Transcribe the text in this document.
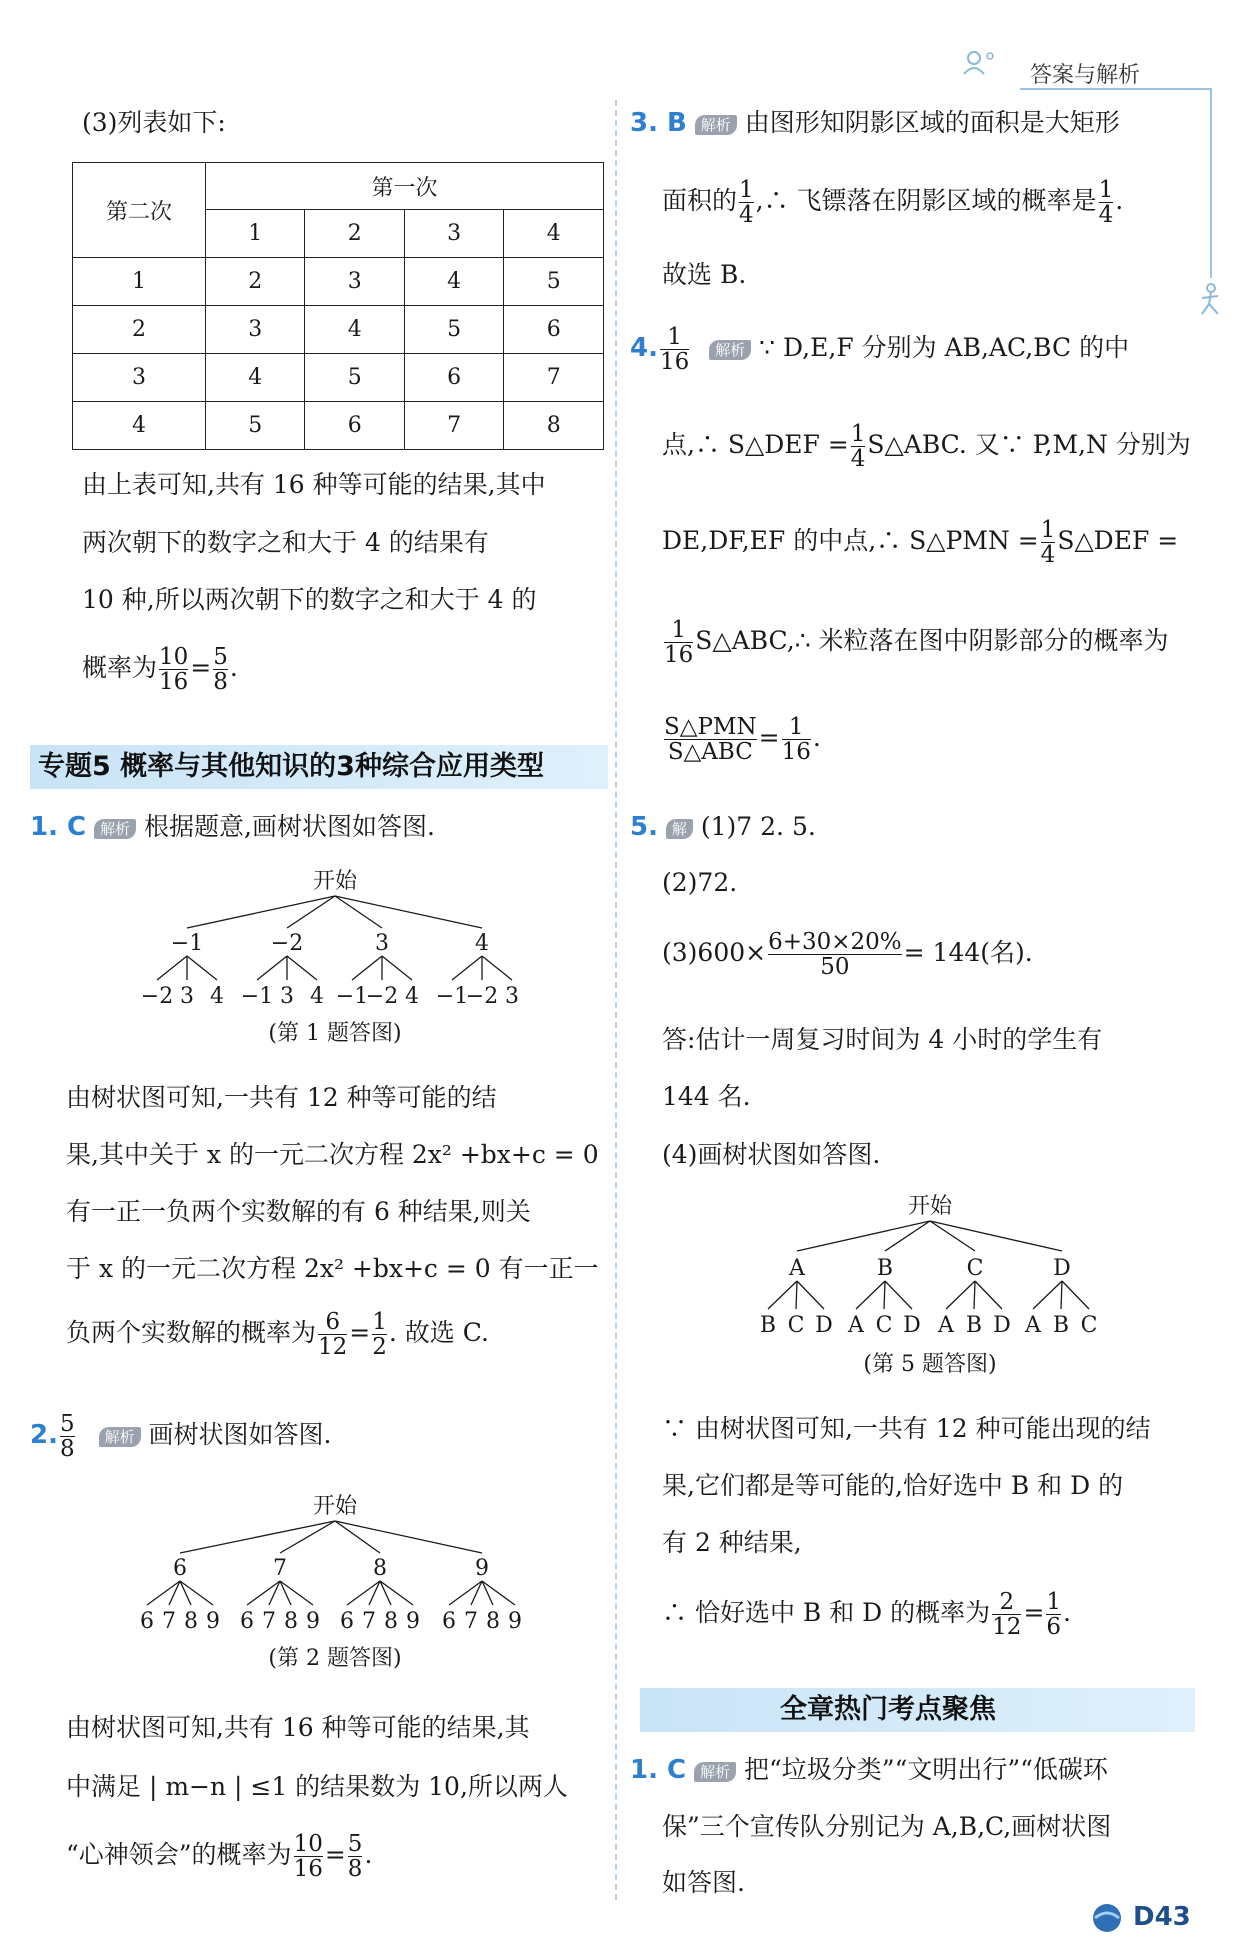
答案与解析
(3)列表如下:
第二次	第一次			
	1	2	3	4
1	2	3	4	5
2	3	4	5	6
3	4	5	6	7
4	5	6	7	8
由上表可知,共有 16 种等可能的结果,其中
两次朝下的数字之和大于 4 的结果有
10 种,所以两次朝下的数字之和大于 4 的
概率为 $\frac{10}{16} = \frac{5}{8}$ .
专题5 概率与其他知识的3种综合应用类型
1. C 解析 根据题意,画树状图如答图.
开始
−1	−2	3	4
−2 3 4 −1 3 4 −1
−2 4 −1
−2 3
(第 1 题答图)
由树状图可知,一共有 12 种等可能的结
果,其中关于 x 的一元二次方程 2x² +bx+c = 0
有一正一负两个实数解的有 6 种结果,则关
于 x 的一元二次方程 2x² +bx+c = 0 有一正一
负两个实数解的概率为 $\frac{6}{12} = \frac{1}{2}$ . 故选 C.
2. $\frac{5}{8}$ 解析 画树状图如答图.
开始
6	7	8	9
6 7 8 9 6 7 8 9 6 7 8 9 6 7 8 9
(第 2 题答图)
由树状图可知,共有 16 种等可能的结果,其
中满足 | m−n | ≤1 的结果数为 10,所以两人
“心神领会”的概率为 $\frac{10}{16} = \frac{5}{8}$ .
3. B 解析 由图形知阴影区域的面积是大矩形
面积的 $\frac{1}{4}$ ,∴ 飞镖落在阴影区域的概率是 $\frac{1}{4}$ .
故选 B.
4. $\frac{1}{16}$ 解析 ∵ D,E,F 分别为 AB,AC,BC 的中
点,∴ S△DEF = $\frac{1}{4}$ S△ABC. 又∵ P,M,N 分别为
DE,DF,EF 的中点,∴ S△PMN = $\frac{1}{4}$ S△DEF =
$\frac{1}{16}$ S△ABC,∴ 米粒落在图中阴影部分的概率为
$\frac{\text{S△PMN}}{\text{S△ABC}} = \frac{1}{16}$ .
5. 解 (1)7 2. 5.
(2)72.
$(3)600\times \frac{6+30\times 20\%}{50} = 144$(名).
答:估计一周复习时间为 4 小时的学生有
144 名.
(4)画树状图如答图.
开始
A	B	C	D
B C D A C D A B D A B C
(第 5 题答图)
∵ 由树状图可知,一共有 12 种可能出现的结
果,它们都是等可能的,恰好选中 B 和 D 的
有 2 种结果,
∴ 恰好选中 B 和 D 的概率为 $\frac{2}{12} = \frac{1}{6}$ .
全章热门考点聚焦
1. C 解析 把“垃圾分类”“文明出行”“低碳环
保”三个宣传队分别记为 A,B,C,画树状图
如答图.
D43
